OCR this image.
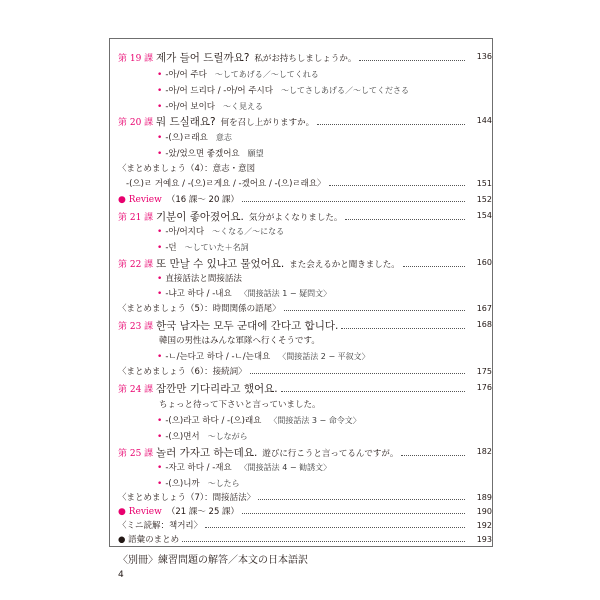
第 19 課 제가 들어 드릴까요? 私がお持ちしましょうか。	136
• -아/어 주다 〜してあげる／〜してくれる
• -아/어 드리다 / -아/어 주시다 〜してさしあげる／〜してくださる
• -아/어 보이다 〜く見える
第 20 課 뭐 드실래요? 何を召し上がりますか。	144
• -(으)ㄹ래요 意志
• -았/었으면 좋겠어요 願望
〈まとめましょう（4）：意志・意図
-(으)ㄹ 거예요 / -(으)ㄹ게요 / -겠어요 / -(으)ㄹ래요〉	151
● Review （16 課〜 20 課）	152
第 21 課 기분이 좋아졌어요. 気分がよくなりました。	154
• -아/어지다 〜くなる／〜になる
• -던 〜していた＋名詞
第 22 課 또 만날 수 있냐고 물었어요. また会えるかと聞きました。	160
• 直接話法と間接話法
• -냐고 하다 / -내요 〈間接話法 1 − 疑問文〉
〈まとめましょう（5）：時間関係の語尾〉	167
第 23 課 한국 남자는 모두 군대에 간다고 합니다.	168
韓国の男性はみんな軍隊へ行くそうです。
• -ㄴ/는다고 하다 / -ㄴ/는대요 〈間接話法 2 − 平叙文〉
〈まとめましょう（6）：接続詞〉	175
第 24 課 잠깐만 기다리라고 했어요.	176
ちょっと待って下さいと言っていました。
• -(으)라고 하다 / -(으)래요 〈間接話法 3 − 命令文〉
• -(으)면서 〜しながら
第 25 課 놀러 가자고 하는데요. 遊びに行こうと言ってるんですが。	182
• -자고 하다 / -재요 〈間接話法 4 − 勧誘文〉
• -(으)니까 〜したら
〈まとめましょう（7）：間接話法〉	189
● Review （21 課〜 25 課）	190
〈ミニ読解：책거리〉	192
● 語彙のまとめ	193
〈別冊〉練習問題の解答／本文の日本語訳
4
